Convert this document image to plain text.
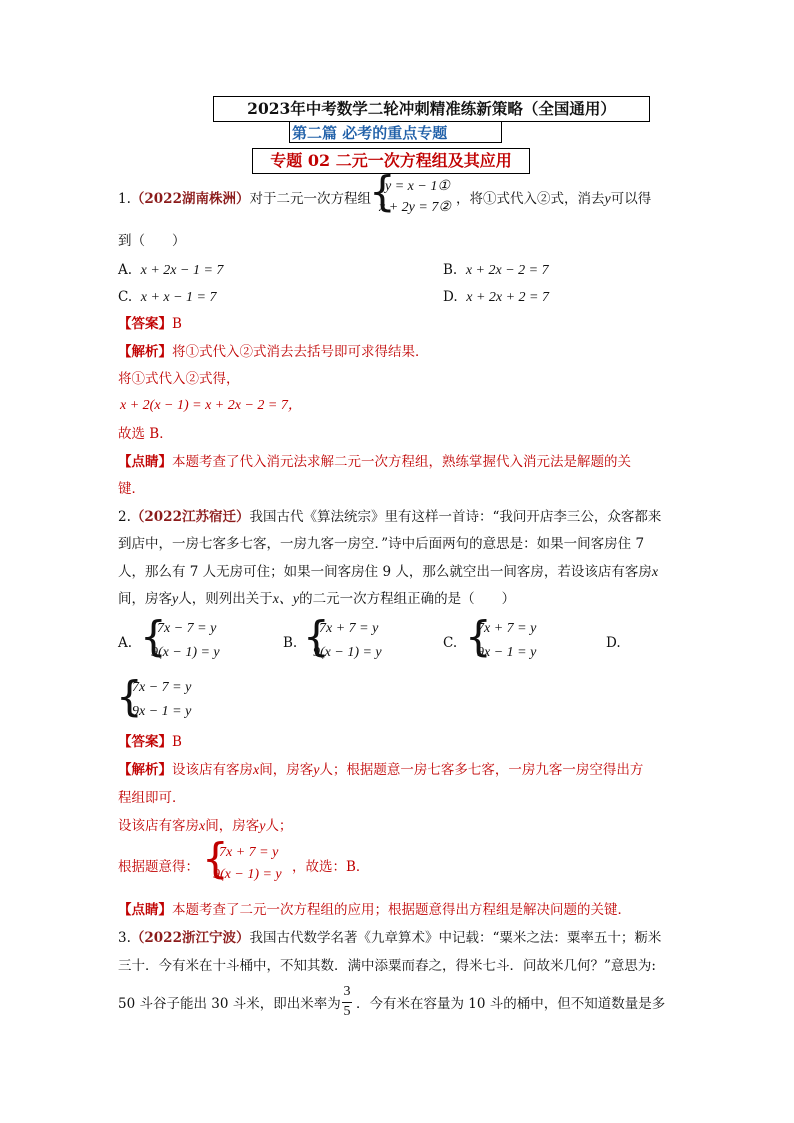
2023年中考数学二轮冲刺精准练新策略（全国通用）
第二篇 必考的重点专题
专题 02 二元一次方程组及其应用
1.（2022湖南株洲）对于二元一次方程组
{
y = x − 1①
x + 2y = 7②
，将①式代入②式，消去y可以得
到（　　）
A. x + 2x − 1 = 7	B. x + 2x − 2 = 7
C. x + x − 1 = 7	D. x + 2x + 2 = 7
【答案】B
【解析】将①式代入②式消去去括号即可求得结果．
将①式代入②式得，
x + 2(x − 1) = x + 2x − 2 = 7，
故选 B．
【点睛】本题考查了代入消元法求解二元一次方程组，熟练掌握代入消元法是解题的关
键．
2.（2022江苏宿迁）我国古代《算法统宗》里有这样一首诗：“我问开店李三公，众客都来
到店中，一房七客多七客，一房九客一房空．”诗中后面两句的意思是：如果一间客房住 7
人，那么有 7 人无房可住；如果一间客房住 9 人，那么就空出一间客房，若设该店有客房x
间，房客y人，则列出关于x、y的二元一次方程组正确的是（　　）
A. {
7x − 7 = y
9(x − 1) = y
B. {
7x + 7 = y
9(x − 1) = y
C. {
7x + 7 = y
9x − 1 = y
D.
{
7x − 7 = y
9x − 1 = y
【答案】B
【解析】设该店有客房x间，房客y人；根据题意一房七客多七客，一房九客一房空得出方
程组即可．
设该店有客房x间，房客y人；
根据题意得： {
7x + 7 = y
9(x − 1) = y ，故选：B．
【点睛】本题考查了二元一次方程组的应用；根据题意得出方程组是解决问题的关键．
3.（2022浙江宁波）我国古代数学名著《九章算术》中记载：“粟米之法：粟率五十；粝米
三十．今有米在十斗桶中，不知其数．满中添粟而舂之，得米七斗．问故米几何？”意思为:
50 斗谷子能出 30 斗米，即出米率为
3
5 ．今有米在容量为 10 斗的桶中，但不知道数量是多
